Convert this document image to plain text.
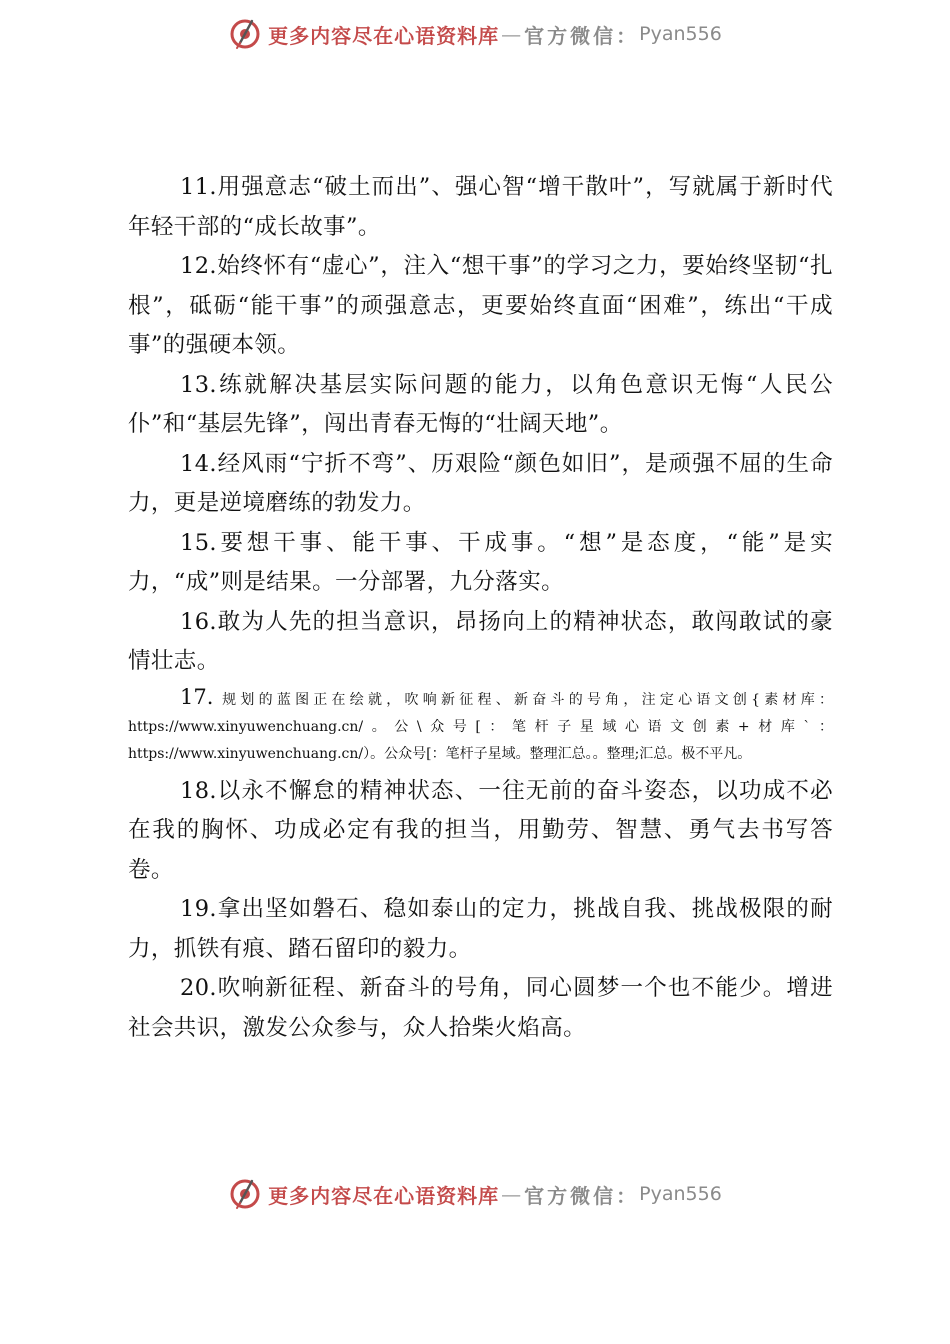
更多内容尽在心语资料库 — 官方微信： Pyan556

11.用强意志“破土而出”、强心智“增干散叶”，写就属于新时代年轻干部的“成长故事”。

12.始终怀有“虚心”，注入“想干事”的学习之力，要始终坚韧“扎根”，砥砺“能干事”的顽强意志，更要始终直面“困难”，练出“干成事”的强硬本领。

13.练就解决基层实际问题的能力，以角色意识无悔“人民公仆”和“基层先锋”，闯出青春无悔的“壮阔天地”。

14.经风雨“宁折不弯”、历艰险“颜色如旧”，是顽强不屈的生命力，更是逆境磨练的勃发力。

15.要想干事、能干事、干成事。“想”是态度，“能”是实力，“成”则是结果。一分部署，九分落实。

16.敢为人先的担当意识，昂扬向上的精神状态，敢闯敢试的豪情壮志。

17. 规划的蓝图正在绘就，吹响新征程、新奋斗的号角，注定心语文创{素材库：https://www.xinyuwenchuang.cn/。公\众号[：笔杆子星域心语文创素+材库`：https://www.xinyuwenchuang.cn/）。公众号[：笔杆子星域。整理汇总。。整理;汇总。极不平凡。

18.以永不懈怠的精神状态、一往无前的奋斗姿态，以功成不必在我的胸怀、功成必定有我的担当，用勤劳、智慧、勇气去书写答卷。

19.拿出坚如磐石、稳如泰山的定力，挑战自我、挑战极限的耐力，抓铁有痕、踏石留印的毅力。

20.吹响新征程、新奋斗的号角，同心圆梦一个也不能少。增进社会共识，激发公众参与，众人拾柴火焰高。

更多内容尽在心语资料库 — 官方微信： Pyan556
